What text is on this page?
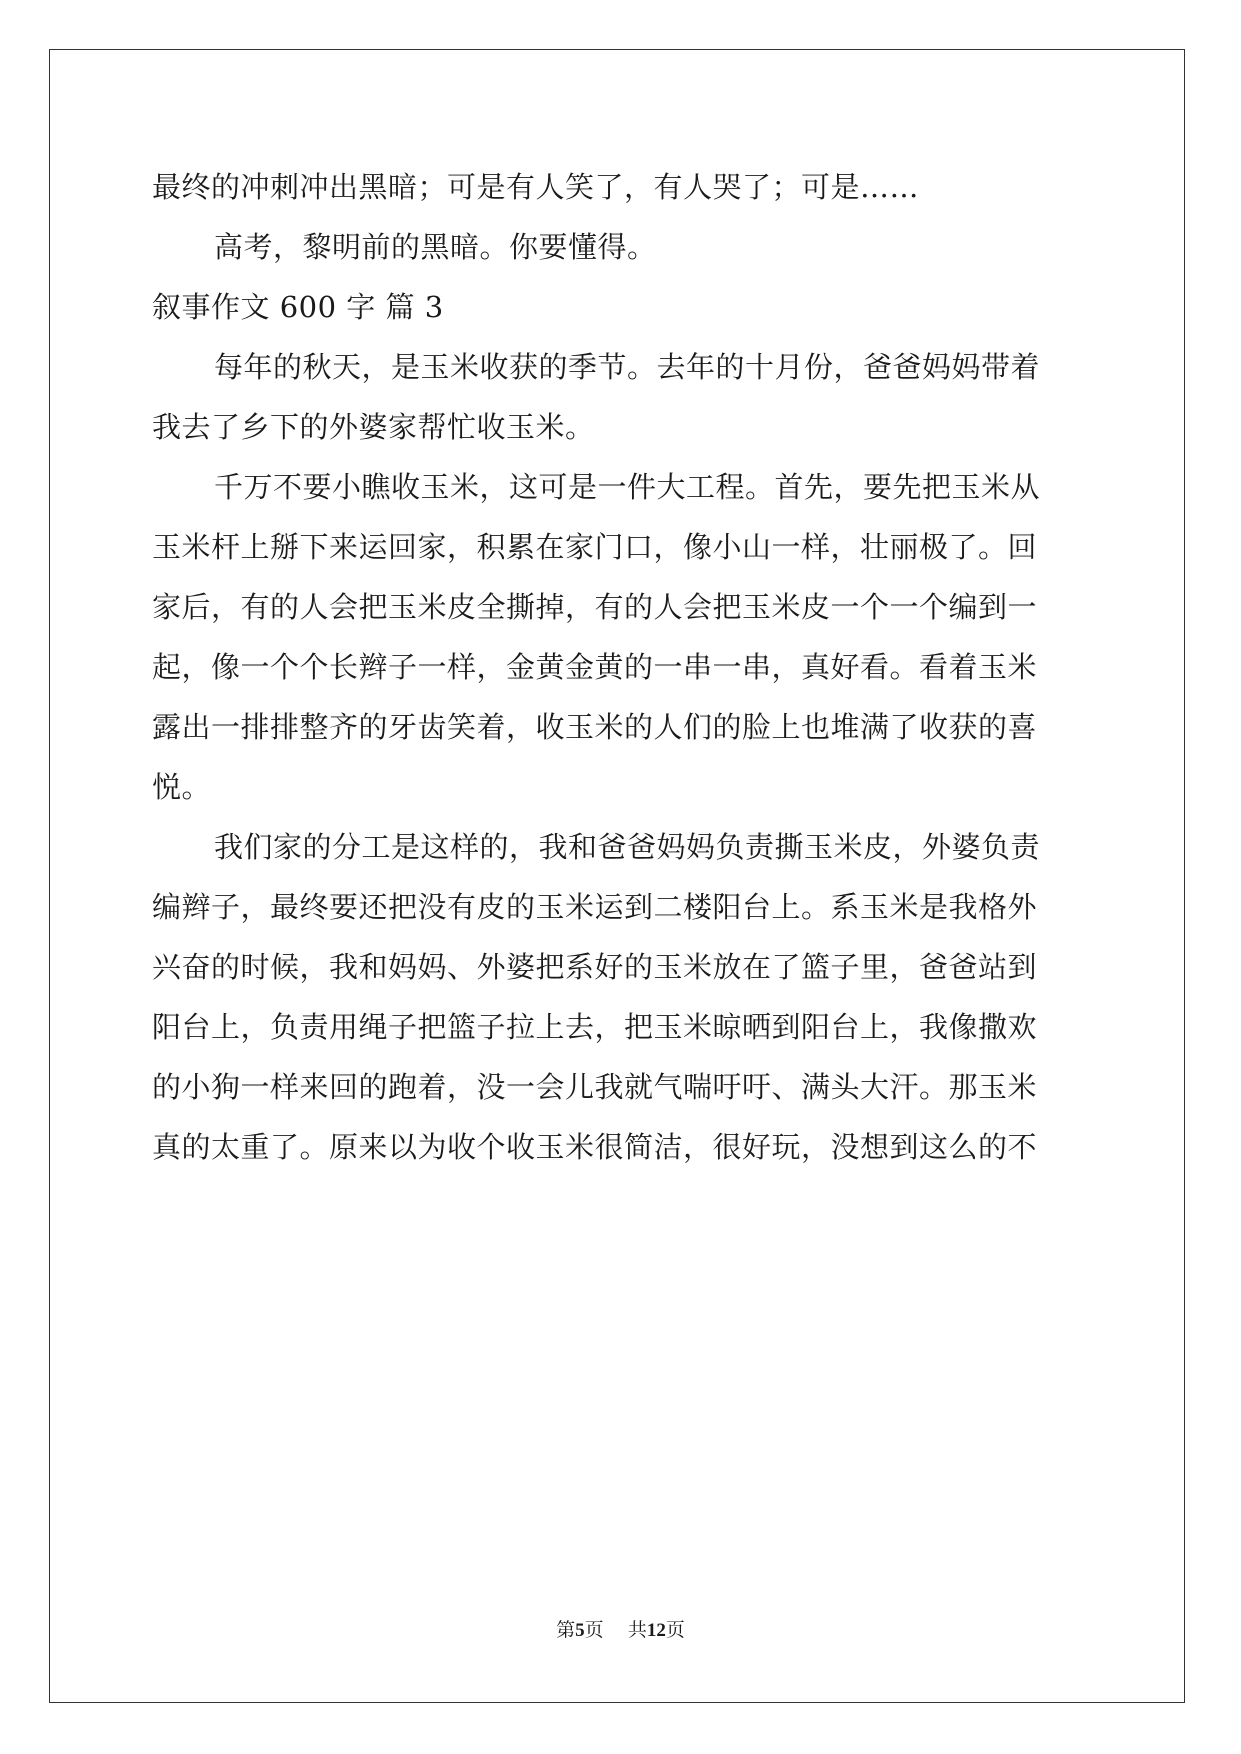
最终的冲刺冲出黑暗；可是有人笑了，有人哭了；可是……
高考，黎明前的黑暗。你要懂得。
叙事作文 600 字 篇 3
每年的秋天，是玉米收获的季节。去年的十月份，爸爸妈妈带着
我去了乡下的外婆家帮忙收玉米。
千万不要小瞧收玉米，这可是一件大工程。首先，要先把玉米从
玉米杆上掰下来运回家，积累在家门口，像小山一样，壮丽极了。回
家后，有的人会把玉米皮全撕掉，有的人会把玉米皮一个一个编到一
起，像一个个长辫子一样，金黄金黄的一串一串，真好看。看着玉米
露出一排排整齐的牙齿笑着，收玉米的人们的脸上也堆满了收获的喜
悦。
我们家的分工是这样的，我和爸爸妈妈负责撕玉米皮，外婆负责
编辫子，最终要还把没有皮的玉米运到二楼阳台上。系玉米是我格外
兴奋的时候，我和妈妈、外婆把系好的玉米放在了篮子里，爸爸站到
阳台上，负责用绳子把篮子拉上去，把玉米晾晒到阳台上，我像撒欢
的小狗一样来回的跑着，没一会儿我就气喘吁吁、满头大汗。那玉米
真的太重了。原来以为收个收玉米很简洁，很好玩，没想到这么的不
第5页    共12页
